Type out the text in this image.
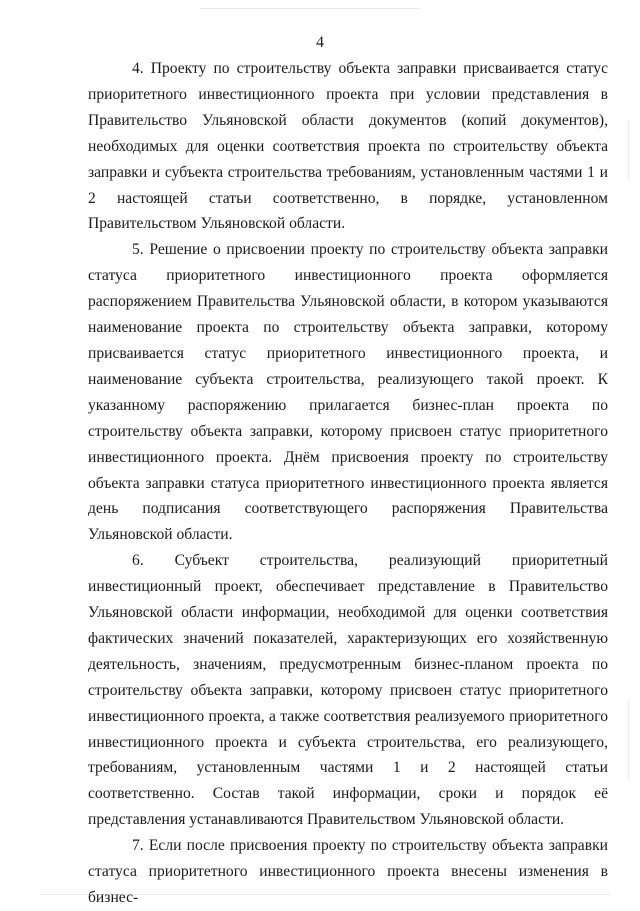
4

4. Проекту по строительству объекта заправки присваивается статус приоритетного инвестиционного проекта при условии представления в Правительство Ульяновской области документов (копий документов), необходимых для оценки соответствия проекта по строительству объекта заправки и субъекта строительства требованиям, установленным частями 1 и 2 настоящей статьи соответственно, в порядке, установленном Правительством Ульяновской области.

5. Решение о присвоении проекту по строительству объекта заправки статуса приоритетного инвестиционного проекта оформляется распоряжением Правительства Ульяновской области, в котором указываются наименование проекта по строительству объекта заправки, которому присваивается статус приоритетного инвестиционного проекта, и наименование субъекта строительства, реализующего такой проект. К указанному распоряжению прилагается бизнес-план проекта по строительству объекта заправки, которому присвоен статус приоритетного инвестиционного проекта. Днём присвоения проекту по строительству объекта заправки статуса приоритетного инвестиционного проекта является день подписания соответствующего распоряжения Правительства Ульяновской области.

6. Субъект строительства, реализующий приоритетный инвестиционный проект, обеспечивает представление в Правительство Ульяновской области информации, необходимой для оценки соответствия фактических значений показателей, характеризующих его хозяйственную деятельность, значениям, предусмотренным бизнес-планом проекта по строительству объекта заправки, которому присвоен статус приоритетного инвестиционного проекта, а также соответствия реализуемого приоритетного инвестиционного проекта и субъекта строительства, его реализующего, требованиям, установленным частями 1 и 2 настоящей статьи соответственно. Состав такой информации, сроки и порядок её представления устанавливаются Правительством Ульяновской области.

7. Если после присвоения проекту по строительству объекта заправки статуса приоритетного инвестиционного проекта внесены изменения в бизнес-
